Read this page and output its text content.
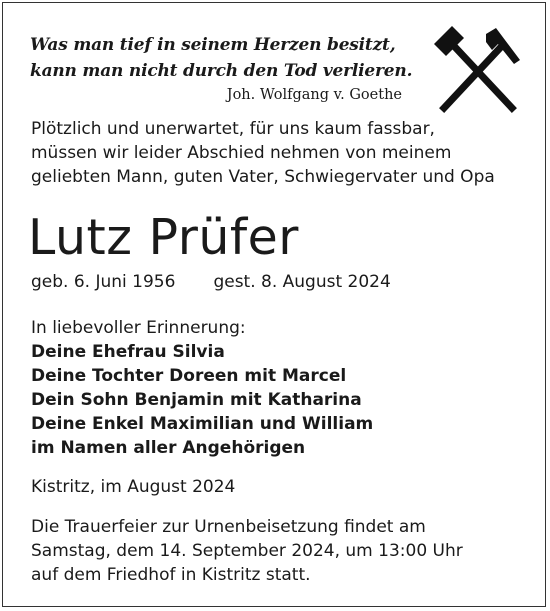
Was man tief in seinem Herzen besitzt,
kann man nicht durch den Tod verlieren.
Joh. Wolfgang v. Goethe
Plötzlich und unerwartet, für uns kaum fassbar,
müssen wir leider Abschied nehmen von meinem
geliebten Mann, guten Vater, Schwiegervater und Opa
Lutz Prüfer
geb. 6. Juni 1956 gest. 8. August 2024
In liebevoller Erinnerung:
Deine Ehefrau Silvia
Deine Tochter Doreen mit Marcel
Dein Sohn Benjamin mit Katharina
Deine Enkel Maximilian und William
im Namen aller Angehörigen
Kistritz, im August 2024
Die Trauerfeier zur Urnenbeisetzung findet am
Samstag, dem 14. September 2024, um 13:00 Uhr
auf dem Friedhof in Kistritz statt.
